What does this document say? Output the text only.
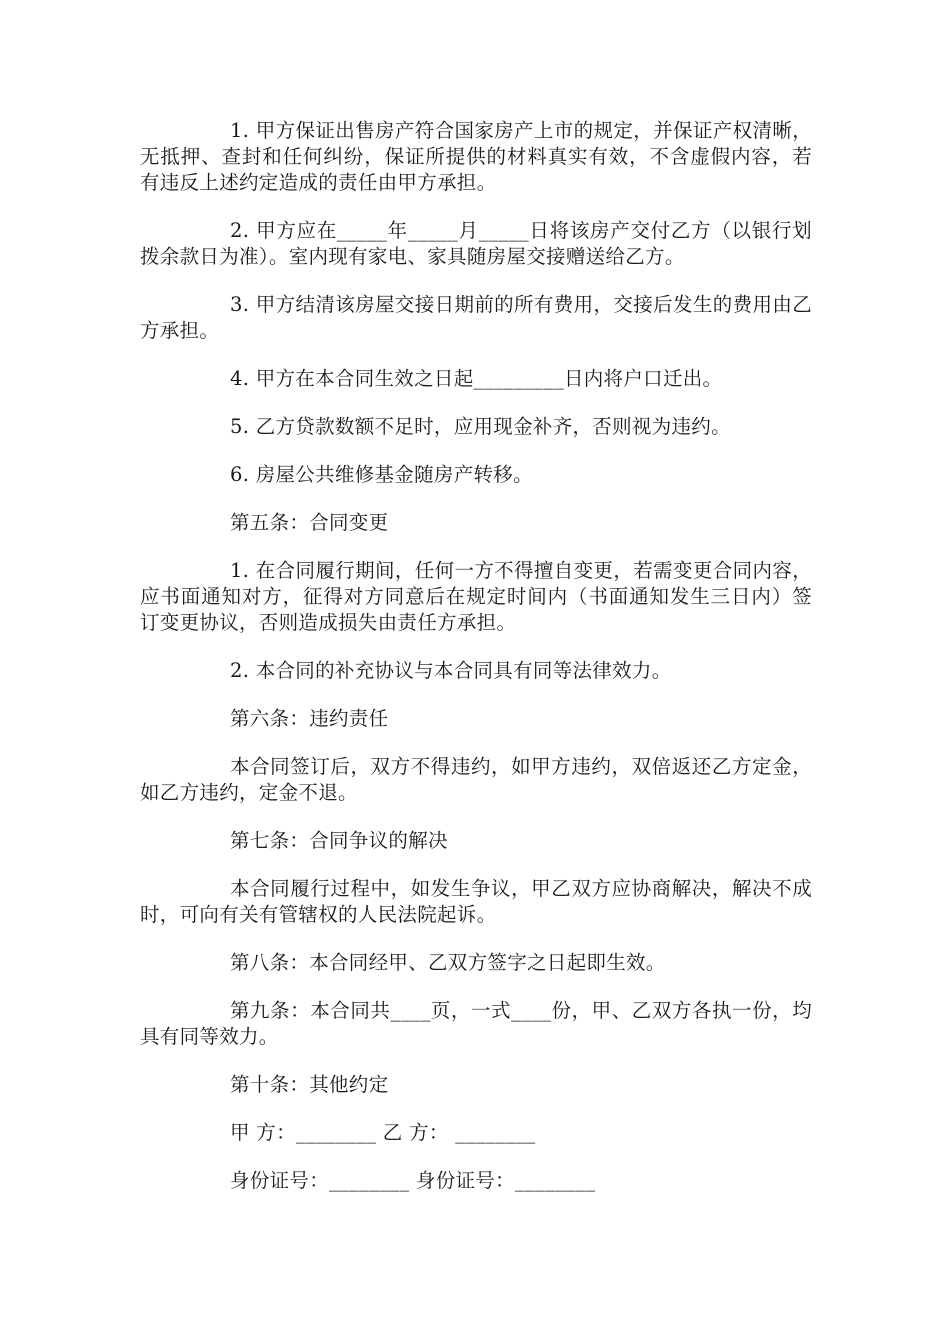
1. 甲方保证出售房产符合国家房产上市的规定，并保证产权清晰，无抵押、查封和任何纠纷，保证所提供的材料真实有效，不含虚假内容，若有违反上述约定造成的责任由甲方承担。

2. 甲方应在_____年_____月_____日将该房产交付乙方（以银行划拨余款日为准）。室内现有家电、家具随房屋交接赠送给乙方。

3. 甲方结清该房屋交接日期前的所有费用，交接后发生的费用由乙方承担。

4. 甲方在本合同生效之日起_________日内将户口迁出。

5. 乙方贷款数额不足时，应用现金补齐，否则视为违约。

6. 房屋公共维修基金随房产转移。

第五条：合同变更

1. 在合同履行期间，任何一方不得擅自变更，若需变更合同内容，应书面通知对方，征得对方同意后在规定时间内（书面通知发生三日内）签订变更协议，否则造成损失由责任方承担。

2. 本合同的补充协议与本合同具有同等法律效力。

第六条：违约责任

本合同签订后，双方不得违约，如甲方违约，双倍返还乙方定金，如乙方违约，定金不退。

第七条：合同争议的解决

本合同履行过程中，如发生争议，甲乙双方应协商解决，解决不成时，可向有关有管辖权的人民法院起诉。

第八条：本合同经甲、乙双方签字之日起即生效。

第九条：本合同共____页，一式____份，甲、乙双方各执一份，均具有同等效力。

第十条：其他约定

甲 方：________ 乙 方： ________

身份证号：________ 身份证号：________
